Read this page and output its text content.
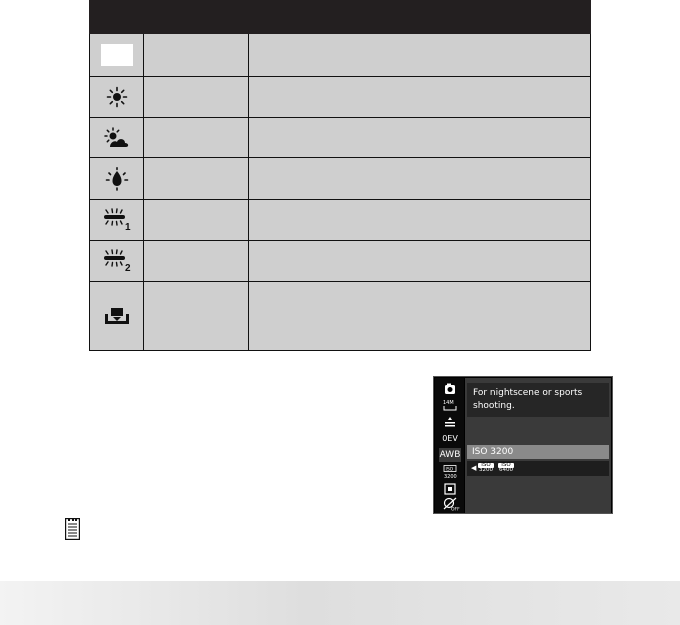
1		

2		

14M
0EV
AWB
ISO
3200
OFF
For nightscene or sports shooting.
ISO 3200
◀ ISO
3200
ISO
6400
